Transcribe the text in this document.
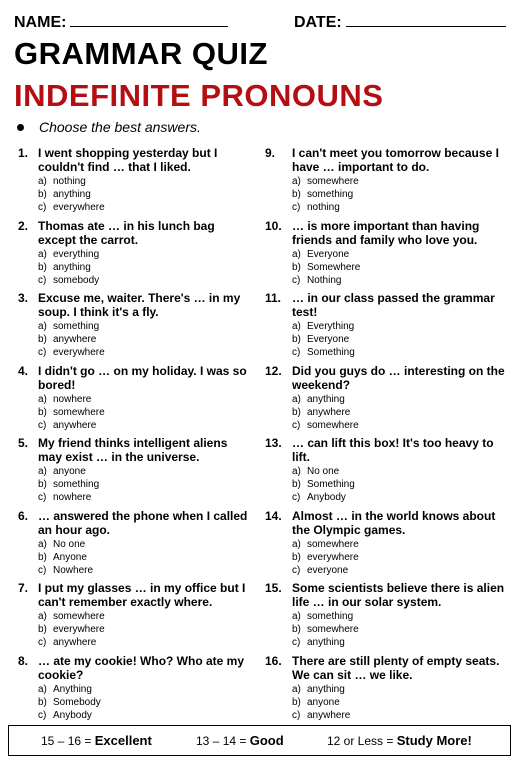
NAME:	DATE:
GRAMMAR QUIZ
INDEFINITE PRONOUNS
Choose the best answers.
1. I went shopping yesterday but I couldn't find … that I liked.
a) nothing
b) anything
c) everywhere
2. Thomas ate … in his lunch bag except the carrot.
a) everything
b) anything
c) somebody
3. Excuse me, waiter. There's … in my soup. I think it's a fly.
a) something
b) anywhere
c) everywhere
4. I didn't go … on my holiday. I was so bored!
a) nowhere
b) somewhere
c) anywhere
5. My friend thinks intelligent aliens may exist … in the universe.
a) anyone
b) something
c) nowhere
6. … answered the phone when I called an hour ago.
a) No one
b) Anyone
c) Nowhere
7. I put my glasses … in my office but I can't remember exactly where.
a) somewhere
b) everywhere
c) anywhere
8. … ate my cookie! Who? Who ate my cookie?
a) Anything
b) Somebody
c) Anybody
9.	I can't meet you tomorrow because I have … important to do.
a) somewhere
b) something
c) nothing
10. … is more important than having friends and family who love you.
a) Everyone
b) Somewhere
c) Nothing
11. … in our class passed the grammar test!
a) Everything
b) Everyone
c) Something
12. Did you guys do … interesting on the weekend?
a) anything
b) anywhere
c) somewhere
13. … can lift this box! It's too heavy to lift.
a) No one
b) Something
c) Anybody
14. Almost … in the world knows about the Olympic games.
a) somewhere
b) everywhere
c) everyone
15. Some scientists believe there is alien life … in our solar system.
a) something
b) somewhere
c) anything
16. There are still plenty of empty seats. We can sit … we like.
a) anything
b) anyone
c) anywhere
15 – 16 = Excellent	13 – 14 = Good	12 or Less = Study More!
